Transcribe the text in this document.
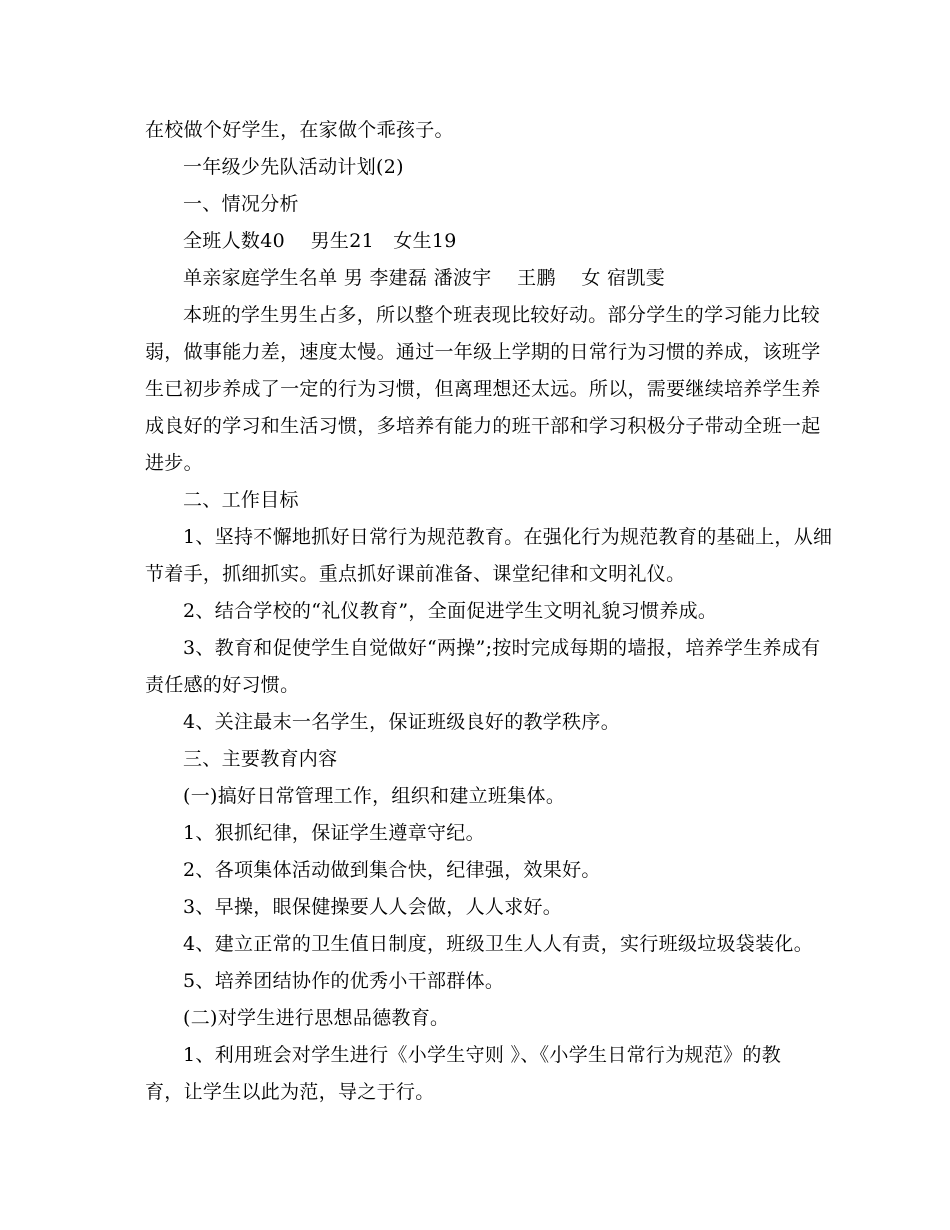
在校做个好学生，在家做个乖孩子。
一年级少先队活动计划(2)
一、情况分析
全班人数40　 男生21　女生19
单亲家庭学生名单 男 李建磊 潘波宇　 王鹏　 女 宿凯雯
本班的学生男生占多，所以整个班表现比较好动。部分学生的学习能力比较
弱，做事能力差，速度太慢。通过一年级上学期的日常行为习惯的养成，该班学
生已初步养成了一定的行为习惯，但离理想还太远。所以，需要继续培养学生养
成良好的学习和生活习惯，多培养有能力的班干部和学习积极分子带动全班一起
进步。
二、工作目标
1、坚持不懈地抓好日常行为规范教育。在强化行为规范教育的基础上，从细
节着手，抓细抓实。重点抓好课前准备、课堂纪律和文明礼仪。
2、结合学校的“礼仪教育”，全面促进学生文明礼貌习惯养成。
3、教育和促使学生自觉做好“两操”;按时完成每期的墙报，培养学生养成有
责任感的好习惯。
4、关注最末一名学生，保证班级良好的教学秩序。
三、主要教育内容
(一)搞好日常管理工作，组织和建立班集体。
1、狠抓纪律，保证学生遵章守纪。
2、各项集体活动做到集合快，纪律强，效果好。
3、早操，眼保健操要人人会做，人人求好。
4、建立正常的卫生值日制度，班级卫生人人有责，实行班级垃圾袋装化。
5、培养团结协作的优秀小干部群体。
(二)对学生进行思想品德教育。
1、利用班会对学生进行《小学生守则 》、《小学生日常行为规范》的教
育，让学生以此为范，导之于行。
